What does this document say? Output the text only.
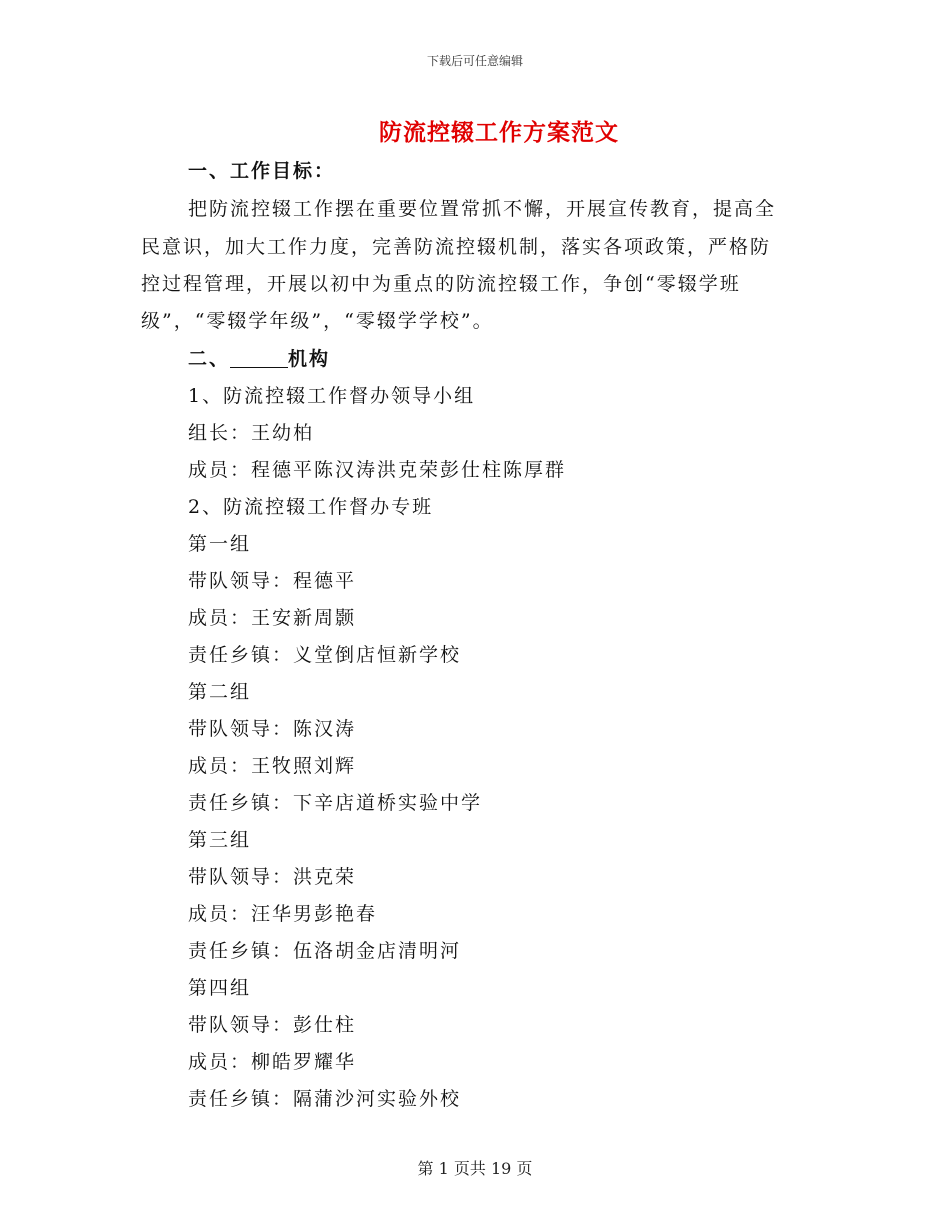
下载后可任意编辑
防流控辍工作方案范文
一、工作目标：
把防流控辍工作摆在重要位置常抓不懈，开展宣传教育，提高全
民意识，加大工作力度，完善防流控辍机制，落实各项政策，严格防
控过程管理，开展以初中为重点的防流控辍工作，争创“零辍学班
级”，“零辍学年级”，“零辍学学校”。
二、	机构
1、防流控辍工作督办领导小组
组长：王幼柏
成员：程德平陈汉涛洪克荣彭仕柱陈厚群
2、防流控辍工作督办专班
第一组
带队领导：程德平
成员：王安新周颢
责任乡镇：义堂倒店恒新学校
第二组
带队领导：陈汉涛
成员：王牧照刘辉
责任乡镇：下辛店道桥实验中学
第三组
带队领导：洪克荣
成员：汪华男彭艳春
责任乡镇：伍洛胡金店清明河
第四组
带队领导：彭仕柱
成员：柳皓罗耀华
责任乡镇：隔蒲沙河实验外校
第 1 页共 19 页
